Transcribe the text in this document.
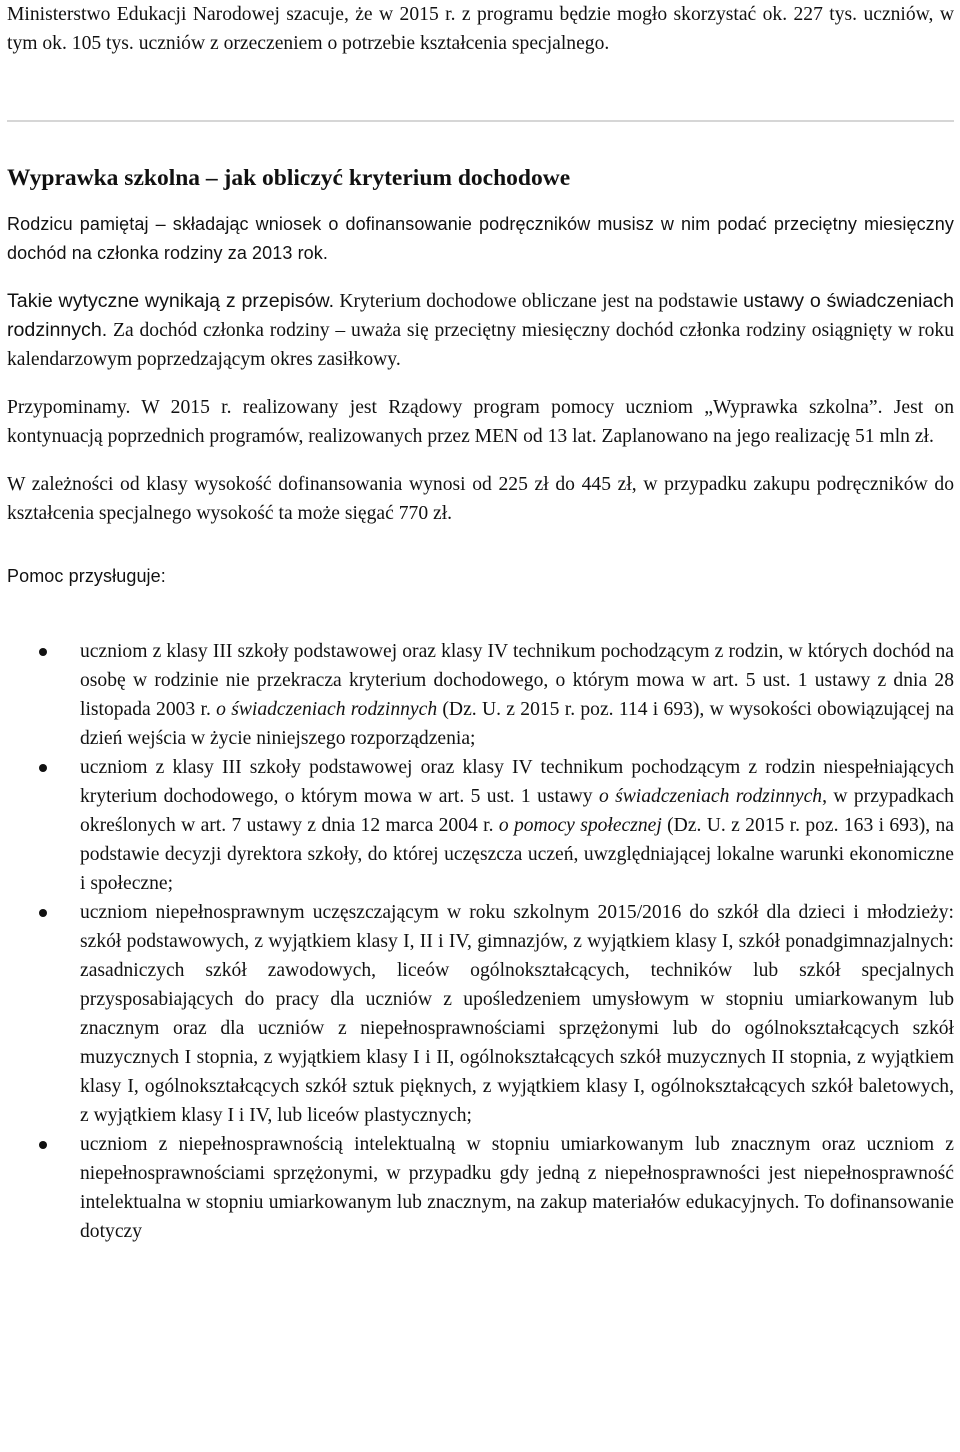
Ministerstwo Edukacji Narodowej szacuje, że w 2015 r. z programu będzie mogło skorzystać ok. 227 tys. uczniów, w tym ok. 105 tys. uczniów z orzeczeniem o potrzebie kształcenia specjalnego.

Wyprawka szkolna – jak obliczyć kryterium dochodowe

Rodzicu pamiętaj – składając wniosek o dofinansowanie podręczników musisz w nim podać przeciętny miesięczny dochód na członka rodziny za 2013 rok.

Takie wytyczne wynikają z przepisów. Kryterium dochodowe obliczane jest na podstawie ustawy o świadczeniach rodzinnych. Za dochód członka rodziny – uważa się przeciętny miesięczny dochód członka rodziny osiągnięty w roku kalendarzowym poprzedzającym okres zasiłkowy.

Przypominamy. W 2015 r. realizowany jest Rządowy program pomocy uczniom „Wyprawka szkolna”. Jest on kontynuacją poprzednich programów, realizowanych przez MEN od 13 lat. Zaplanowano na jego realizację 51 mln zł.

W zależności od klasy wysokość dofinansowania wynosi od 225 zł do 445 zł, w przypadku zakupu podręczników do kształcenia specjalnego wysokość ta może sięgać 770 zł.

Pomoc przysługuje:

uczniom z klasy III szkoły podstawowej oraz klasy IV technikum pochodzącym z rodzin, w których dochód na osobę w rodzinie nie przekracza kryterium dochodowego, o którym mowa w art. 5 ust. 1 ustawy z dnia 28 listopada 2003 r. o świadczeniach rodzinnych (Dz. U. z 2015 r. poz. 114 i 693), w wysokości obowiązującej na dzień wejścia w życie niniejszego rozporządzenia;
uczniom z klasy III szkoły podstawowej oraz klasy IV technikum pochodzącym z rodzin niespełniających kryterium dochodowego, o którym mowa w art. 5 ust. 1 ustawy o świadczeniach rodzinnych, w przypadkach określonych w art. 7 ustawy z dnia 12 marca 2004 r. o pomocy społecznej (Dz. U. z 2015 r. poz. 163 i 693), na podstawie decyzji dyrektora szkoły, do której uczęszcza uczeń, uwzględniającej lokalne warunki ekonomiczne i społeczne;
uczniom niepełnosprawnym uczęszczającym w roku szkolnym 2015/2016 do szkół dla dzieci i młodzieży: szkół podstawowych, z wyjątkiem klasy I, II i IV, gimnazjów, z wyjątkiem klasy I, szkół ponadgimnazjalnych: zasadniczych szkół zawodowych, liceów ogólnokształcących, techników lub szkół specjalnych przysposabiających do pracy dla uczniów z upośledzeniem umysłowym w stopniu umiarkowanym lub znacznym oraz dla uczniów z niepełnosprawnościami sprzężonymi lub do ogólnokształcących szkół muzycznych I stopnia, z wyjątkiem klasy I i II, ogólnokształcących szkół muzycznych II stopnia, z wyjątkiem klasy I, ogólnokształcących szkół sztuk pięknych, z wyjątkiem klasy I, ogólnokształcących szkół baletowych, z wyjątkiem klasy I i IV, lub liceów plastycznych;
uczniom z niepełnosprawnością intelektualną w stopniu umiarkowanym lub znacznym oraz uczniom z niepełnosprawnościami sprzężonymi, w przypadku gdy jedną z niepełnosprawności jest niepełnosprawność intelektualna w stopniu umiarkowanym lub znacznym, na zakup materiałów edukacyjnych. To dofinansowanie dotyczy
